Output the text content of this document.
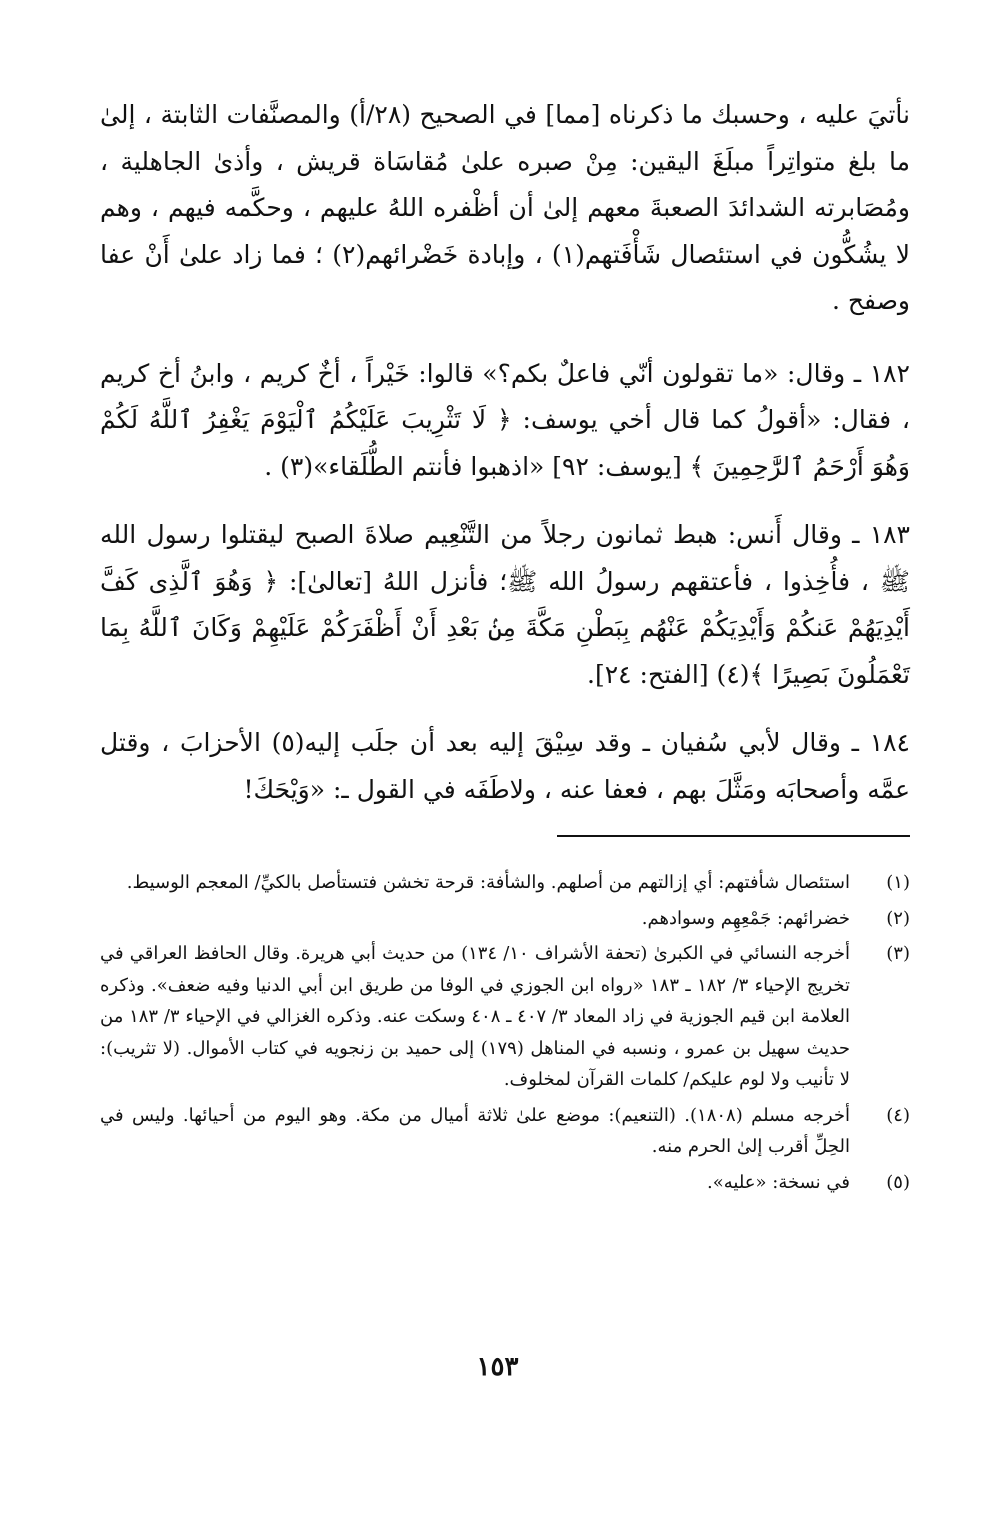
نأتيَ عليه ، وحسبك ما ذكرناه [مما] في الصحيح (٢٨/أ) والمصنَّفات الثابتة ، إلىٰ ما بلغ متواتِراً مبلَغَ اليقين: مِنْ صبره علىٰ مُقاسَاة قريش ، وأذىٰ الجاهلية ، ومُصَابرته الشدائدَ الصعبةَ معهم إلىٰ أن أظْفره اللهُ عليهم ، وحكَّمه فيهم ، وهم لا يشُكُّون في استئصال شَأْفَتهم(١) ، وإبادة خَضْرائهم(٢) ؛ فما زاد علىٰ أَنْ عفا وصفح .

١٨٢ ـ وقال: «ما تقولون أنّي فاعلٌ بكم؟» قالوا: خَيْراً ، أخٌ كريم ، وابنُ أخ كريم ، فقال: «أقولُ كما قال أخي يوسف: ﴿ لَا تَثْرِيبَ عَلَيْكُمُ ٱلْيَوْمَ يَغْفِرُ ٱللَّهُ لَكُمْ وَهُوَ أَرْحَمُ ٱلرَّٰحِمِينَ ﴾ [يوسف: ٩٢] «اذهبوا فأنتم الطُّلَقاء»(٣) .

١٨٣ ـ وقال أَنس: هبط ثمانون رجلاً من التَّنْعِيم صلاةَ الصبح ليقتلوا رسول الله ﷺ ، فأُخِذوا ، فأعتقهم رسولُ الله ﷺ؛ فأنزل اللهُ [تعالىٰ]: ﴿ وَهُوَ ٱلَّذِى كَفَّ أَيْدِيَهُمْ عَنكُمْ وَأَيْدِيَكُمْ عَنْهُم بِبَطْنِ مَكَّةَ مِنۢ بَعْدِ أَنْ أَظْفَرَكُمْ عَلَيْهِمْ وَكَانَ ٱللَّهُ بِمَا تَعْمَلُونَ بَصِيرًا ﴾(٤) [الفتح: ٢٤].

١٨٤ ـ وقال لأبي سُفيان ـ وقد سِيْقَ إليه بعد أن جلَب إليه(٥) الأحزابَ ، وقتل عمَّه وأصحابَه ومَثَّلَ بهم ، فعفا عنه ، ولاطَفَه في القول ـ: «وَيْحَكَ!

(١)
استئصال شأفتهم: أي إزالتهم من أصلهم. والشأفة: قرحة تخشن فتستأصل بالكيِّ/ المعجم الوسيط.
(٢)
خضرائهم: جَمْعِهِم وسوادهم.
(٣)
أخرجه النسائي في الكبرىٰ (تحفة الأشراف ١٠/ ١٣٤) من حديث أبي هريرة. وقال الحافظ العراقي في تخريج الإحياء ٣/ ١٨٢ ـ ١٨٣ «رواه ابن الجوزي في الوفا من طريق ابن أبي الدنيا وفيه ضعف». وذكره العلامة ابن قيم الجوزية في زاد المعاد ٣/ ٤٠٧ ـ ٤٠٨ وسكت عنه. وذكره الغزالي في الإحياء ٣/ ١٨٣ من حديث سهيل بن عمرو ، ونسبه في المناهل (١٧٩) إلى حميد بن زنجويه في كتاب الأموال. (لا تثريب): لا تأنيب ولا لوم عليكم/ كلمات القرآن لمخلوف.
(٤)
أخرجه مسلم (١٨٠٨). (التنعيم): موضع علىٰ ثلاثة أميال من مكة. وهو اليوم من أحيائها. وليس في الحِلِّ أقرب إلىٰ الحرم منه.
(٥)
في نسخة: «عليه».
١٥٣
